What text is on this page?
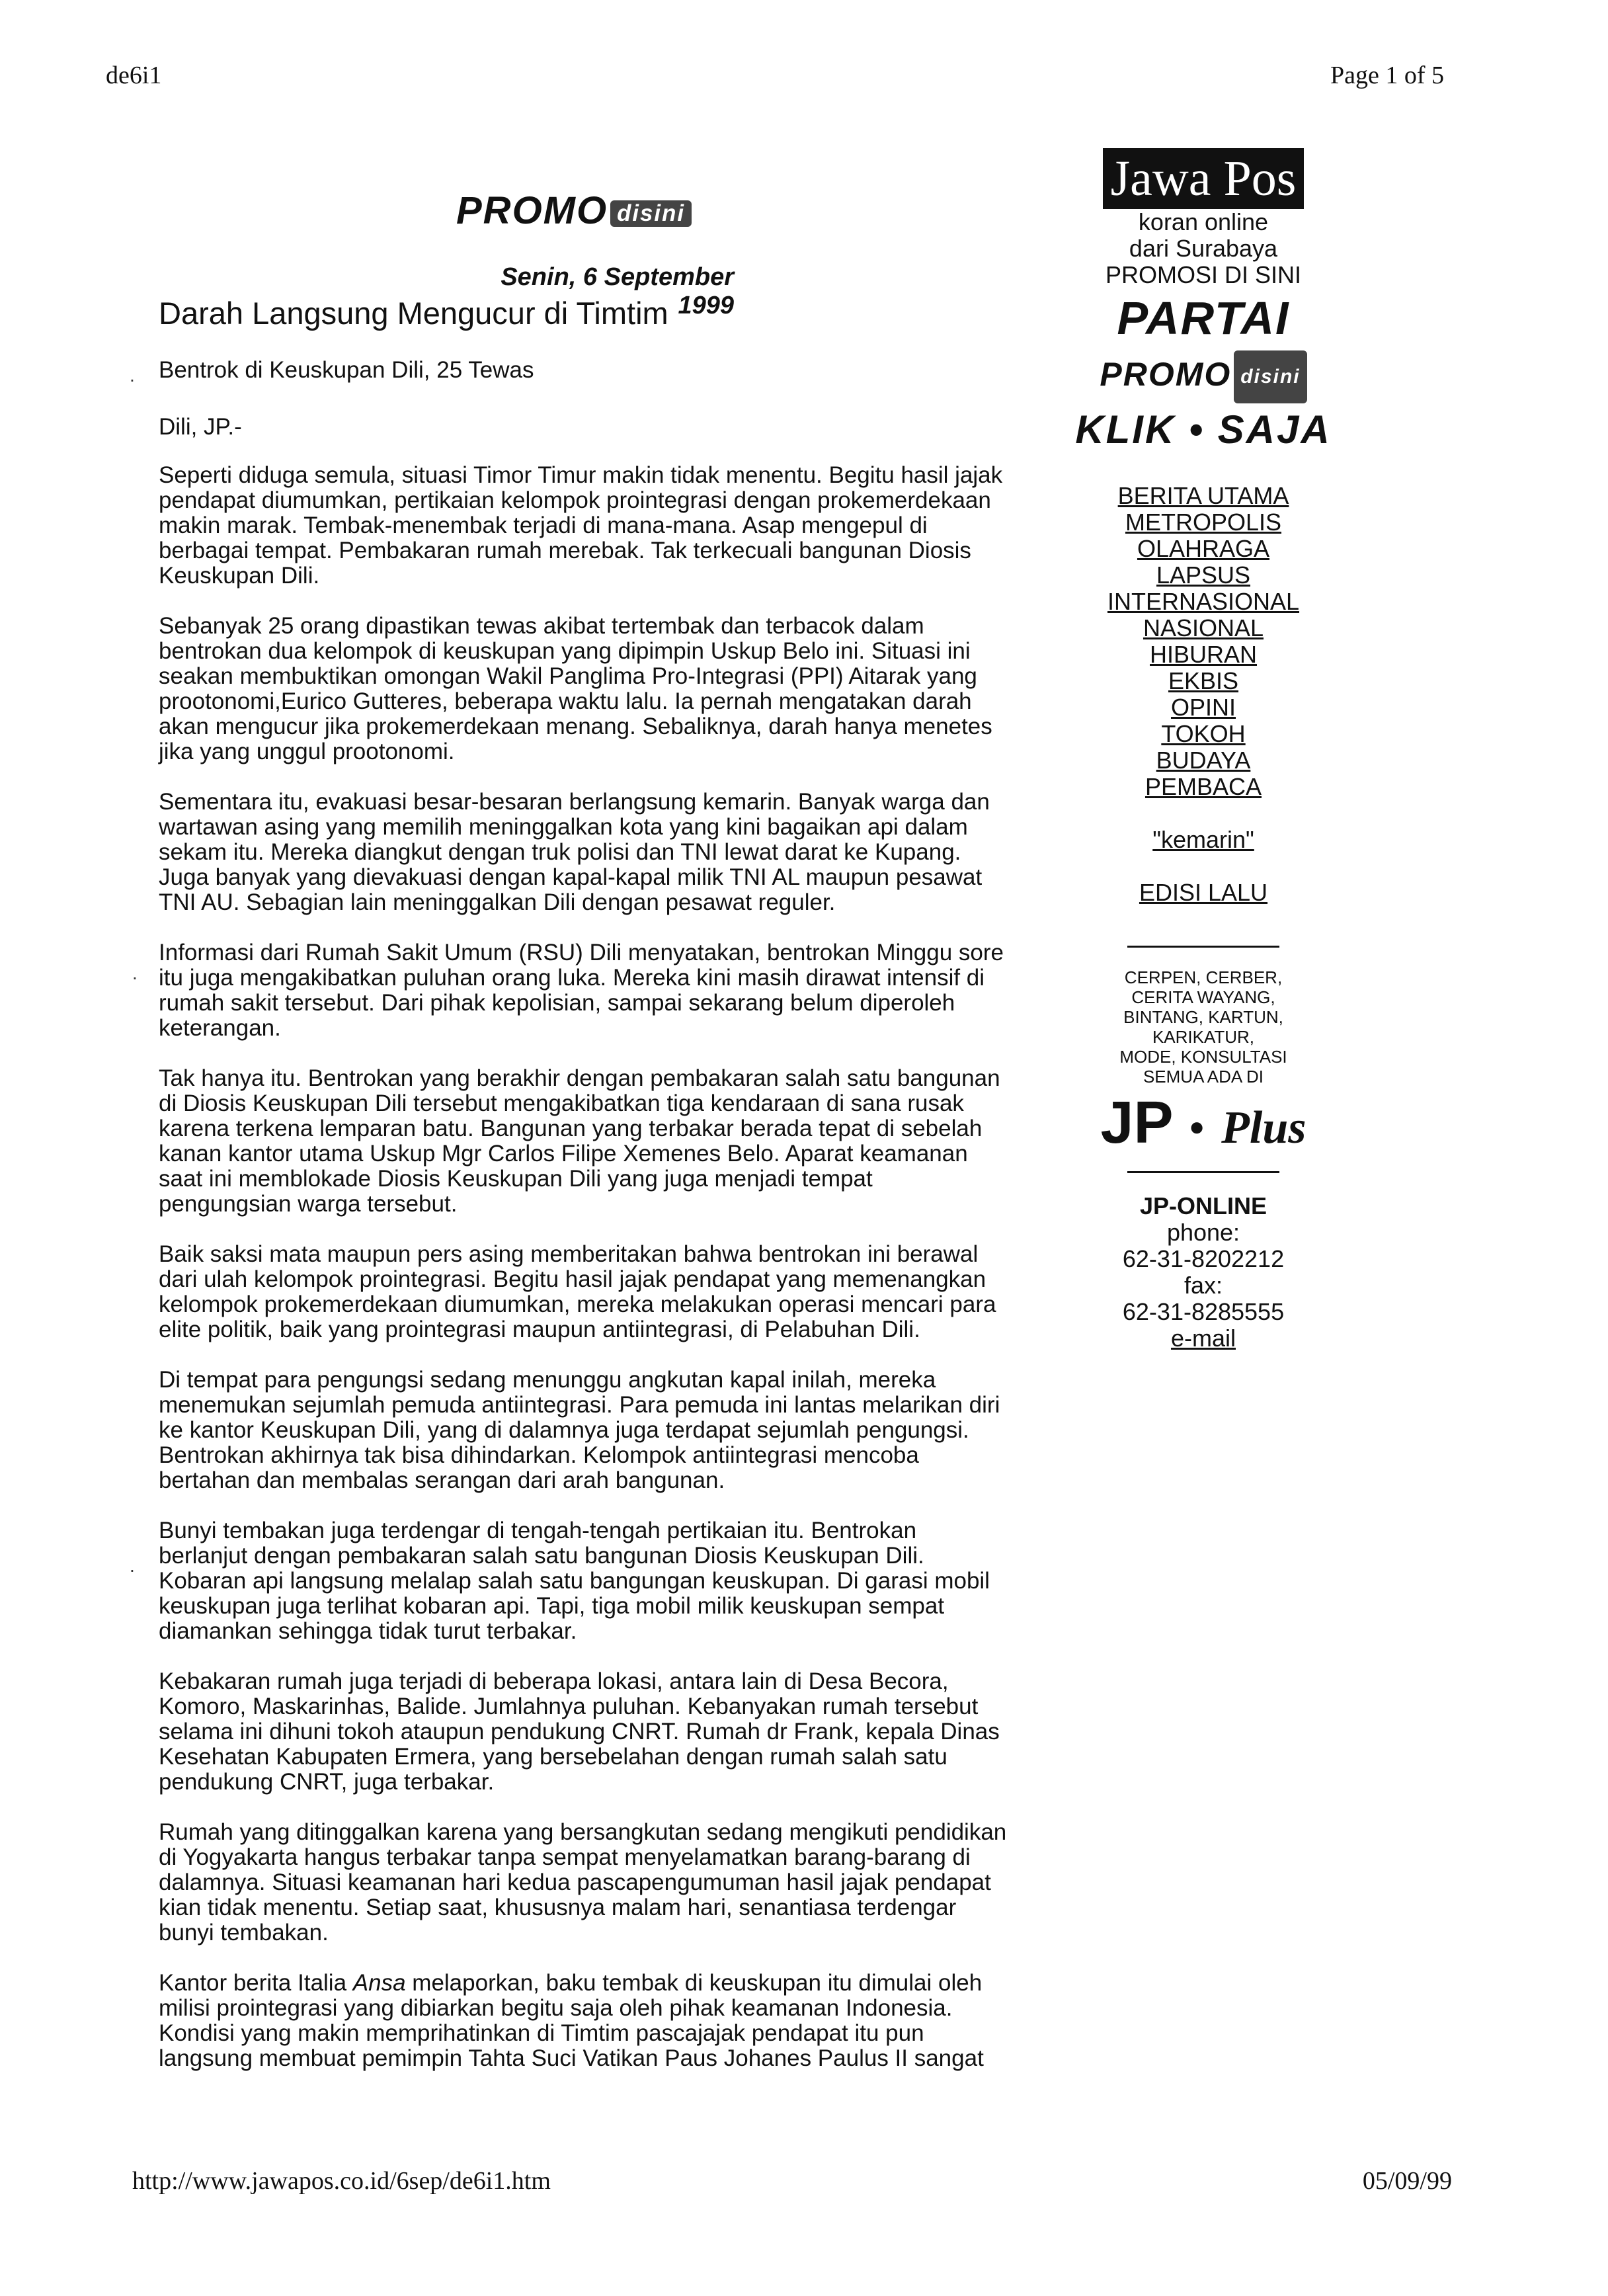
de6i1	Page 1 of 5
PROMO disini
Senin, 6 September 1999
Darah Langsung Mengucur di Timtim
Bentrok di Keuskupan Dili, 25 Tewas
Dili, JP.-
.
.
.

Seperti diduga semula, situasi Timor Timur makin tidak menentu. Begitu hasil jajak
pendapat diumumkan, pertikaian kelompok prointegrasi dengan prokemerdekaan
makin marak. Tembak-menembak terjadi di mana-mana. Asap mengepul di
berbagai tempat. Pembakaran rumah merebak. Tak terkecuali bangunan Diosis
Keuskupan Dili.

Sebanyak 25 orang dipastikan tewas akibat tertembak dan terbacok dalam
bentrokan dua kelompok di keuskupan yang dipimpin Uskup Belo ini. Situasi ini
seakan membuktikan omongan Wakil Panglima Pro-Integrasi (PPI) Aitarak yang
prootonomi,Eurico Gutteres, beberapa waktu lalu. Ia pernah mengatakan darah
akan mengucur jika prokemerdekaan menang. Sebaliknya, darah hanya menetes
jika yang unggul prootonomi.

Sementara itu, evakuasi besar-besaran berlangsung kemarin. Banyak warga dan
wartawan asing yang memilih meninggalkan kota yang kini bagaikan api dalam
sekam itu. Mereka diangkut dengan truk polisi dan TNI lewat darat ke Kupang.
Juga banyak yang dievakuasi dengan kapal-kapal milik TNI AL maupun pesawat
TNI AU. Sebagian lain meninggalkan Dili dengan pesawat reguler.

Informasi dari Rumah Sakit Umum (RSU) Dili menyatakan, bentrokan Minggu sore
itu juga mengakibatkan puluhan orang luka. Mereka kini masih dirawat intensif di
rumah sakit tersebut. Dari pihak kepolisian, sampai sekarang belum diperoleh
keterangan.

Tak hanya itu. Bentrokan yang berakhir dengan pembakaran salah satu bangunan
di Diosis Keuskupan Dili tersebut mengakibatkan tiga kendaraan di sana rusak
karena terkena lemparan batu. Bangunan yang terbakar berada tepat di sebelah
kanan kantor utama Uskup Mgr Carlos Filipe Xemenes Belo. Aparat keamanan
saat ini memblokade Diosis Keuskupan Dili yang juga menjadi tempat
pengungsian warga tersebut.

Baik saksi mata maupun pers asing memberitakan bahwa bentrokan ini berawal
dari ulah kelompok prointegrasi. Begitu hasil jajak pendapat yang memenangkan
kelompok prokemerdekaan diumumkan, mereka melakukan operasi mencari para
elite politik, baik yang prointegrasi maupun antiintegrasi, di Pelabuhan Dili.

Di tempat para pengungsi sedang menunggu angkutan kapal inilah, mereka
menemukan sejumlah pemuda antiintegrasi. Para pemuda ini lantas melarikan diri
ke kantor Keuskupan Dili, yang di dalamnya juga terdapat sejumlah pengungsi.
Bentrokan akhirnya tak bisa dihindarkan. Kelompok antiintegrasi mencoba
bertahan dan membalas serangan dari arah bangunan.

Bunyi tembakan juga terdengar di tengah-tengah pertikaian itu. Bentrokan
berlanjut dengan pembakaran salah satu bangunan Diosis Keuskupan Dili.
Kobaran api langsung melalap salah satu bangungan keuskupan. Di garasi mobil
keuskupan juga terlihat kobaran api. Tapi, tiga mobil milik keuskupan sempat
diamankan sehingga tidak turut terbakar.

Kebakaran rumah juga terjadi di beberapa lokasi, antara lain di Desa Becora,
Komoro, Maskarinhas, Balide. Jumlahnya puluhan. Kebanyakan rumah tersebut
selama ini dihuni tokoh ataupun pendukung CNRT. Rumah dr Frank, kepala Dinas
Kesehatan Kabupaten Ermera, yang bersebelahan dengan rumah salah satu
pendukung CNRT, juga terbakar.

Rumah yang ditinggalkan karena yang bersangkutan sedang mengikuti pendidikan
di Yogyakarta hangus terbakar tanpa sempat menyelamatkan barang-barang di
dalamnya. Situasi keamanan hari kedua pascapengumuman hasil jajak pendapat
kian tidak menentu. Setiap saat, khususnya malam hari, senantiasa terdengar
bunyi tembakan.

Kantor berita Italia Ansa melaporkan, baku tembak di keuskupan itu dimulai oleh
milisi prointegrasi yang dibiarkan begitu saja oleh pihak keamanan Indonesia.
Kondisi yang makin memprihatinkan di Timtim pascajajak pendapat itu pun
langsung membuat pemimpin Tahta Suci Vatikan Paus Johanes Paulus II sangat

Jawa Pos
koran online
dari Surabaya
PROMOSI DI SINI
PARTAI
PROMO disini
KLIK • SAJA
BERITA UTAMA
METROPOLIS
OLAHRAGA
LAPSUS
INTERNASIONAL
NASIONAL
HIBURAN
EKBIS
OPINI
TOKOH
BUDAYA
PEMBACA
"kemarin"
EDISI LALU
CERPEN, CERBER,
CERITA WAYANG,
BINTANG, KARTUN,
KARIKATUR,
MODE, KONSULTASI
SEMUA ADA DI
JP ● Plus
JP-ONLINE
phone:
62-31-8202212
fax:
62-31-8285555
e-mail
http://www.jawapos.co.id/6sep/de6i1.htm	05/09/99
